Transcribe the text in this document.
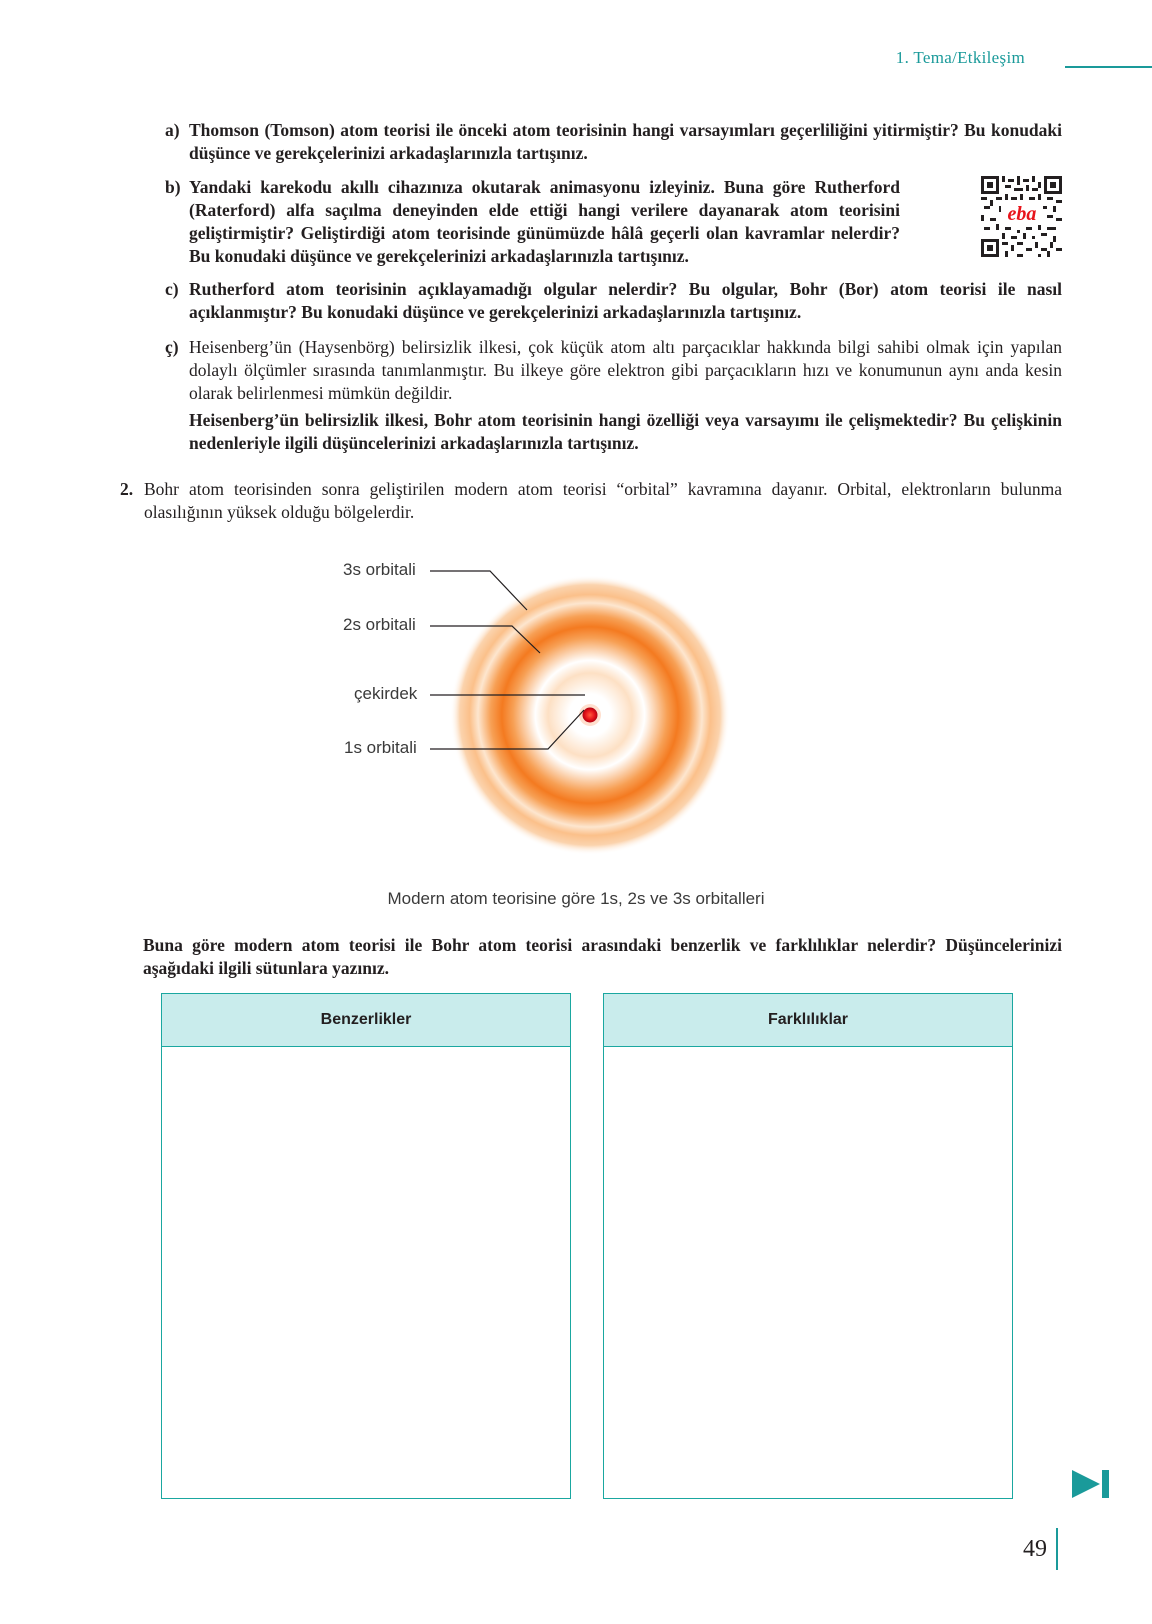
1. Tema/Etkileşim
a) Thomson (Tomson) atom teorisi ile önceki atom teorisinin hangi varsayımları geçerliliğini yitirmiştir? Bu konudaki düşünce ve gerekçelerinizi arkadaşlarınızla tartışınız.
b) Yandaki karekodu akıllı cihazınıza okutarak animasyonu izleyiniz. Buna göre Rutherford (Raterford) alfa saçılma deneyinden elde ettiği hangi verilere dayanarak atom teorisini geliştirmiştir? Geliştirdiği atom teorisinde günümüzde hâlâ geçerli olan kavramlar nelerdir? Bu konudaki düşünce ve gerekçelerinizi arkadaşlarınızla tartışınız.
eba
c) Rutherford atom teorisinin açıklayamadığı olgular nelerdir? Bu olgular, Bohr (Bor) atom teorisi ile nasıl açıklanmıştır? Bu konudaki düşünce ve gerekçelerinizi arkadaşlarınızla tartışınız.
ç) Heisenberg’ün (Haysenbörg) belirsizlik ilkesi, çok küçük atom altı parçacıklar hakkında bilgi sahibi olmak için yapılan dolaylı ölçümler sırasında tanımlanmıştır. Bu ilkeye göre elektron gibi parçacıkların hızı ve konumunun aynı anda kesin olarak belirlenmesi mümkün değildir.
Heisenberg’ün belirsizlik ilkesi, Bohr atom teorisinin hangi özelliği veya varsayımı ile çelişmektedir? Bu çelişkinin nedenleriyle ilgili düşüncelerinizi arkadaşlarınızla tartışınız.
2. Bohr atom teorisinden sonra geliştirilen modern atom teorisi “orbital” kavramına dayanır. Orbital, elektronların bulunma olasılığının yüksek olduğu bölgelerdir.
3s orbitali
2s orbitali
çekirdek
1s orbitali
Modern atom teorisine göre 1s, 2s ve 3s orbitalleri
Buna göre modern atom teorisi ile Bohr atom teorisi arasındaki benzerlik ve farklılıklar nelerdir? Düşüncelerinizi aşağıdaki ilgili sütunlara yazınız.
Benzerlikler	Farklılıklar
49
